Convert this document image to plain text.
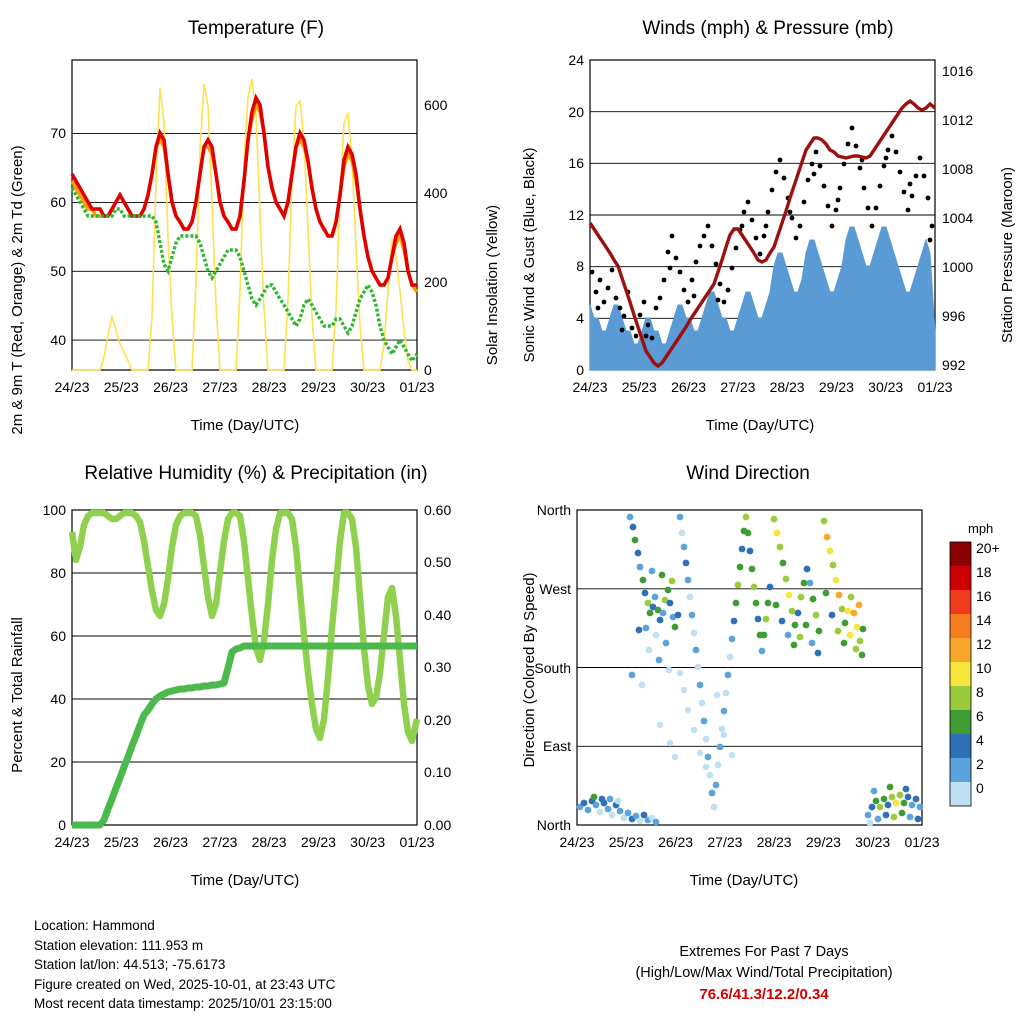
Temperature (F)
2m & 9m T (Red, Orange) & 2m Td (Green)	Solar Insolation (Yellow)
Time (Day/UTC)
40
50
60
70
0
200
400
600
24/23 25/23 26/23 27/23 28/23 29/23 30/23 01/23
Winds (mph) & Pressure (mb)
Sonic Wind & Gust (Blue, Black)	Station Pressure (Maroon)
Time (Day/UTC)
0
4
8
12
16
20
24
992
996
1000
1004
1008
1012
1016
24/23 25/23 26/23 27/23 28/23 29/23 30/23 01/23
Relative Humidity (%) & Precipitation (in)
Percent & Total Rainfall
Time (Day/UTC)
0
20
40
60
80
100
0.00
0.10
0.20
0.30
0.40
0.50
0.60
24/23 25/23 26/23 27/23 28/23 29/23 30/23 01/23
Wind Direction
Direction (Colored By Speed)
Time (Day/UTC)
North
West
South
East
North
24/23 25/23 26/23 27/23 28/23 29/23 30/23 01/23
mph
20+
18
16
14
12
10
8
6
4
2
0
Location: Hammond
Station elevation: 111.953 m
Station lat/lon: 44.513; -75.6173
Figure created on Wed, 2025-10-01, at 23:43 UTC
Most recent data timestamp: 2025/10/01 23:15:00
Extremes For Past 7 Days
(High/Low/Max Wind/Total Precipitation)
76.6/41.3/12.2/0.34
